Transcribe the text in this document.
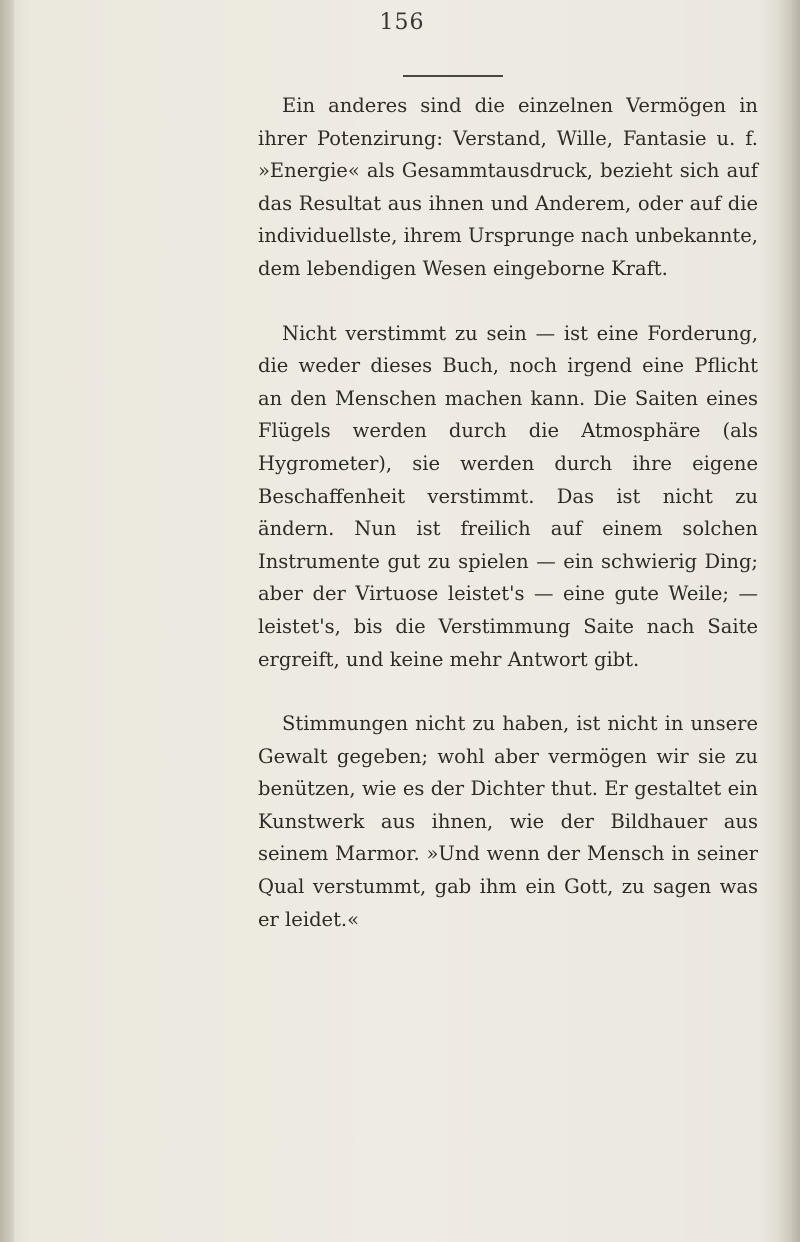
156

Ein anderes sind die einzelnen Vermögen in ihrer Potenzirung: Verstand, Wille, Fantasie u. f. »Energie« als Gesammtausdruck, bezieht sich auf das Resultat aus ihnen und Anderem, oder auf die individuellste, ihrem Ursprunge nach unbekannte, dem lebendigen Wesen eingeborne Kraft.

Nicht verstimmt zu sein — ist eine Forderung, die weder dieses Buch, noch irgend eine Pflicht an den Menschen machen kann. Die Saiten eines Flügels werden durch die Atmosphäre (als Hygrometer), sie werden durch ihre eigene Beschaffenheit verstimmt. Das ist nicht zu ändern. Nun ist freilich auf einem solchen Instrumente gut zu spielen — ein schwierig Ding; aber der Virtuose leistet's — eine gute Weile; — leistet's, bis die Verstimmung Saite nach Saite ergreift, und keine mehr Antwort gibt.

Stimmungen nicht zu haben, ist nicht in unsere Gewalt gegeben; wohl aber vermögen wir sie zu benützen, wie es der Dichter thut. Er gestaltet ein Kunstwerk aus ihnen, wie der Bildhauer aus seinem Marmor. »Und wenn der Mensch in seiner Qual verstummt, gab ihm ein Gott, zu sagen was er leidet.«
